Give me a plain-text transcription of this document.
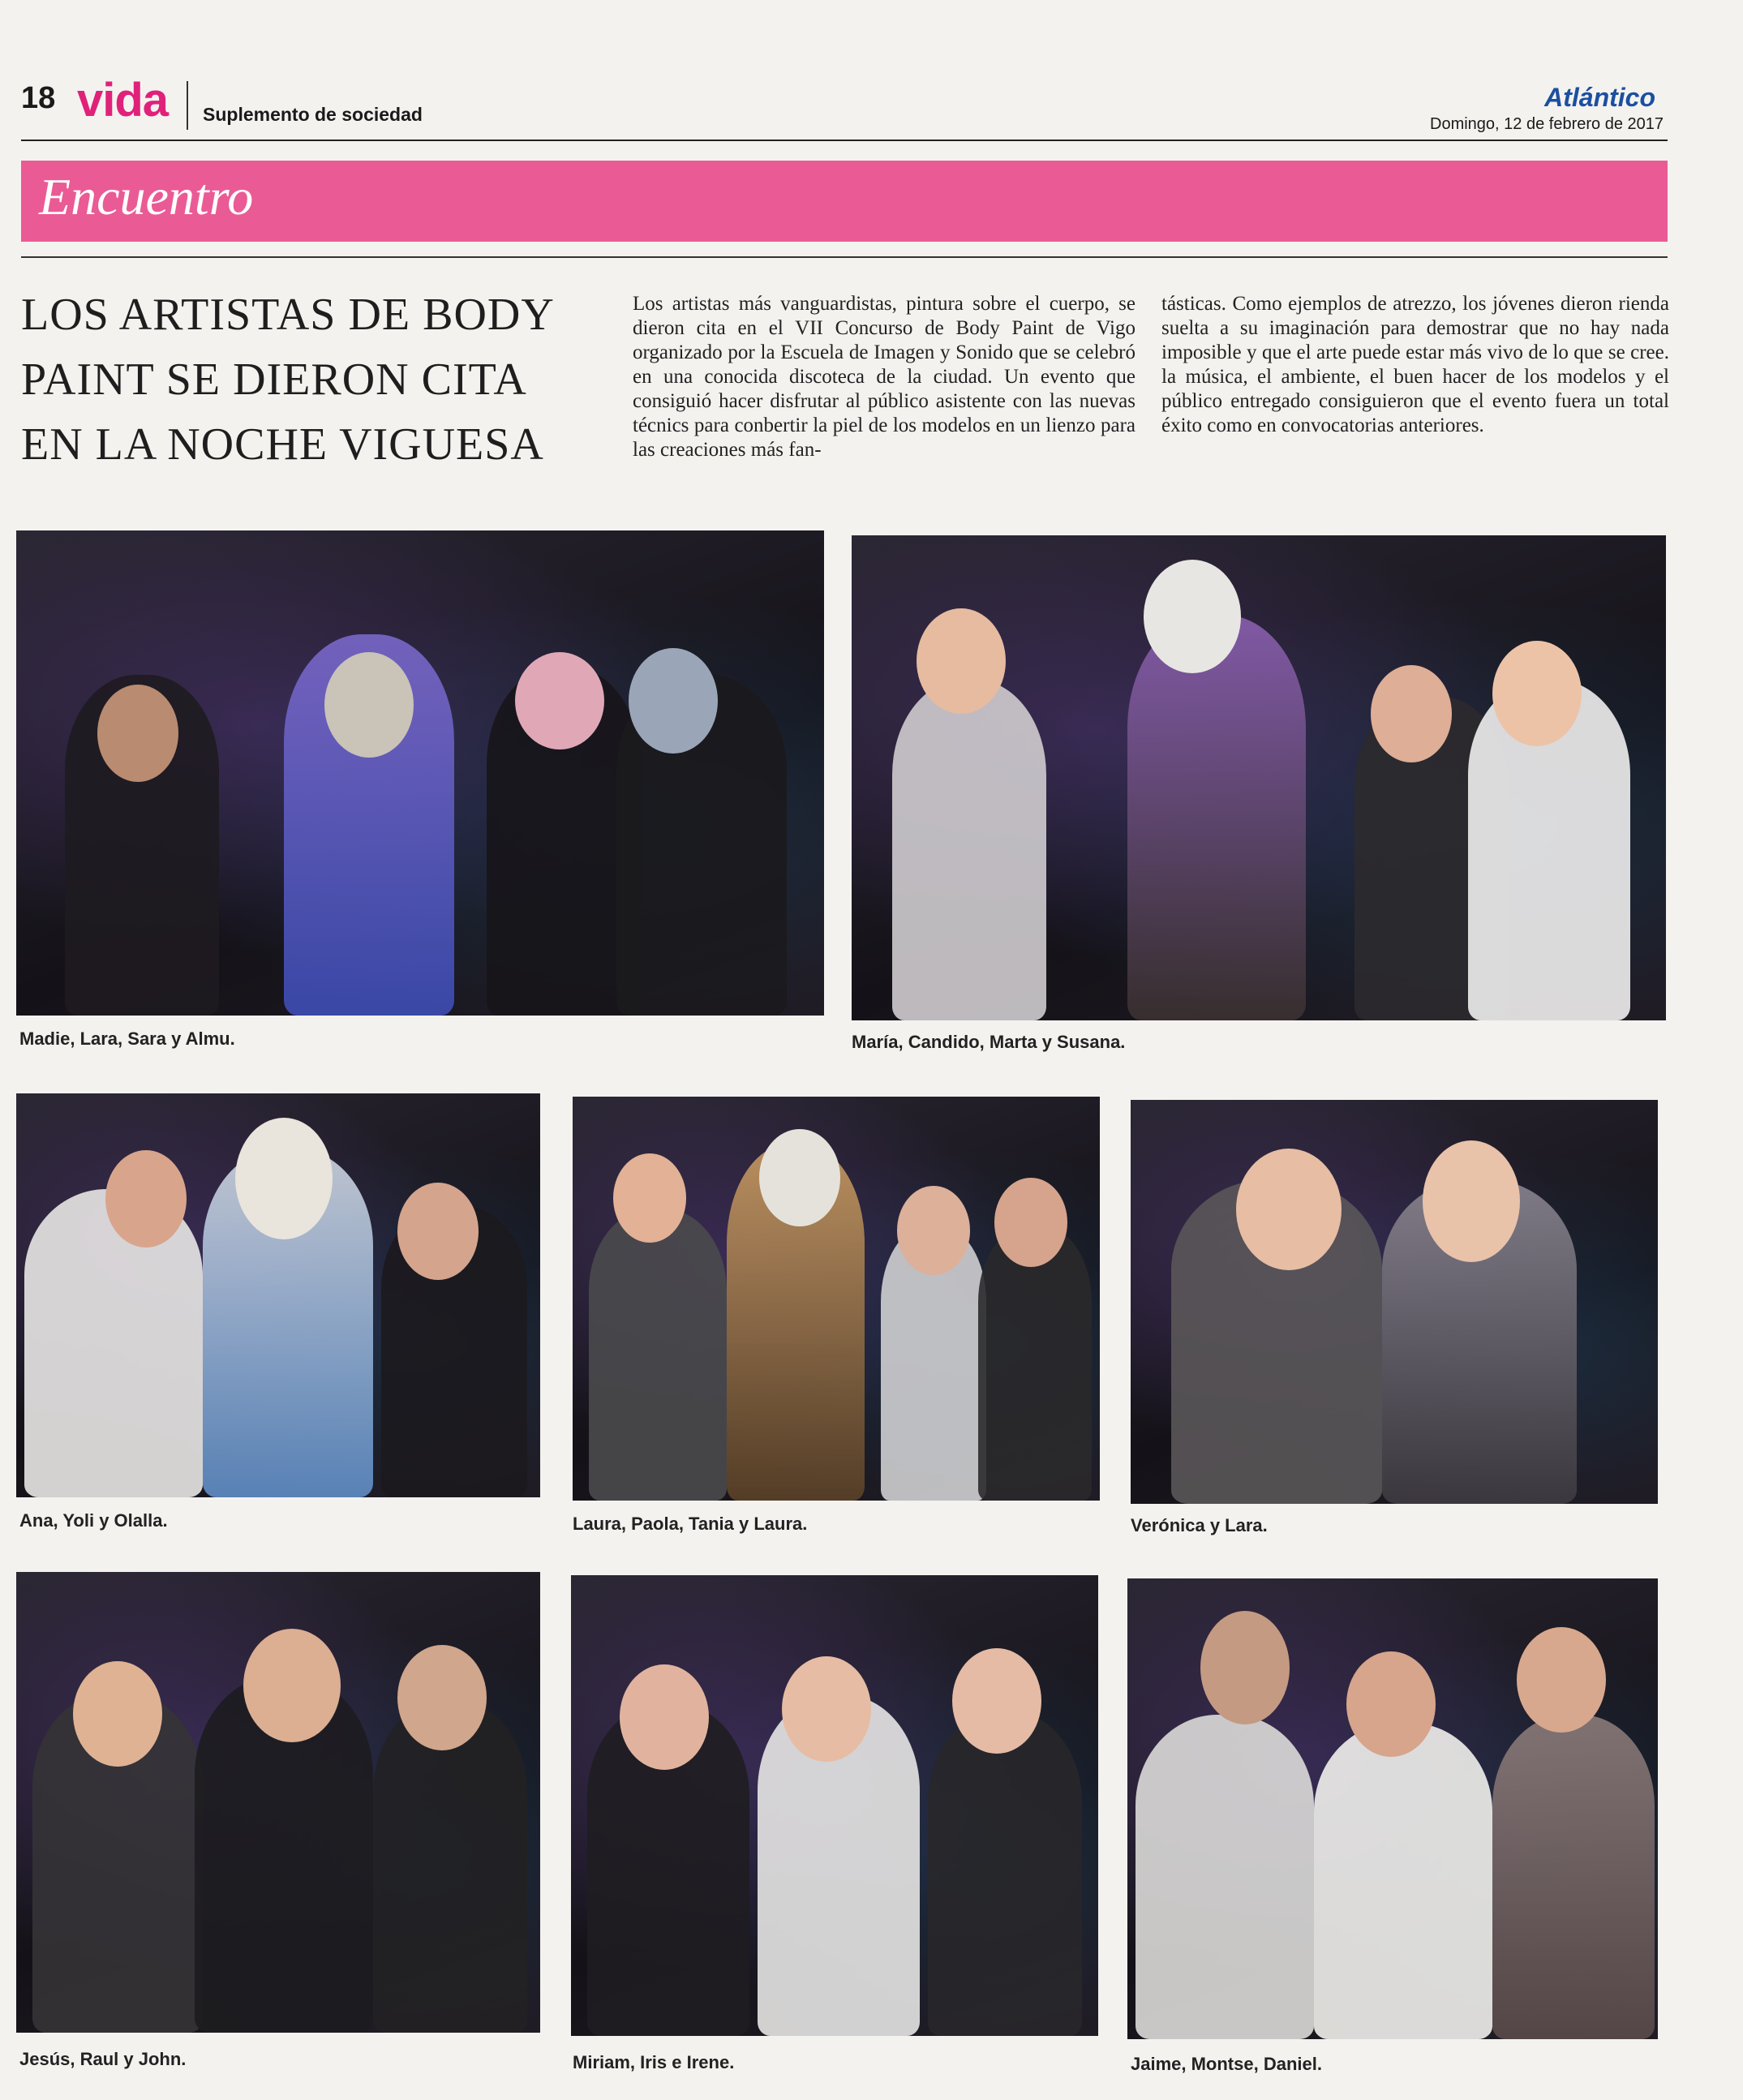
18 vida Suplemento de sociedad
Atlántico
Domingo, 12 de febrero de 2017
Encuentro
LOS ARTISTAS DE BODY PAINT SE DIERON CITA EN LA NOCHE VIGUESA
Los artistas más vanguardistas, pintura sobre el cuerpo, se dieron cita en el VII Concurso de Body Paint de Vigo organizado por la Escuela de Imagen y Sonido que se celebró en una conocida discoteca de la ciudad. Un evento que consiguió hacer disfrutar al público asistente con las nuevas técnics para conbertir la piel de los modelos en un lienzo para las creaciones más fan-
tásticas. Como ejemplos de atrezzo, los jóvenes dieron rienda suelta a su imaginación para demostrar que no hay nada imposible y que el arte puede estar más vivo de lo que se cree. la música, el ambiente, el buen hacer de los modelos y el público entregado consiguieron que el evento fuera un total éxito como en convocatorias anteriores.
Madie, Lara, Sara y Almu.	María, Candido, Marta y Susana.
Ana, Yoli y Olalla.	Laura, Paola, Tania y Laura.	Verónica y Lara.
Jesús, Raul y John.	Miriam, Iris e Irene.	Jaime, Montse, Daniel.
